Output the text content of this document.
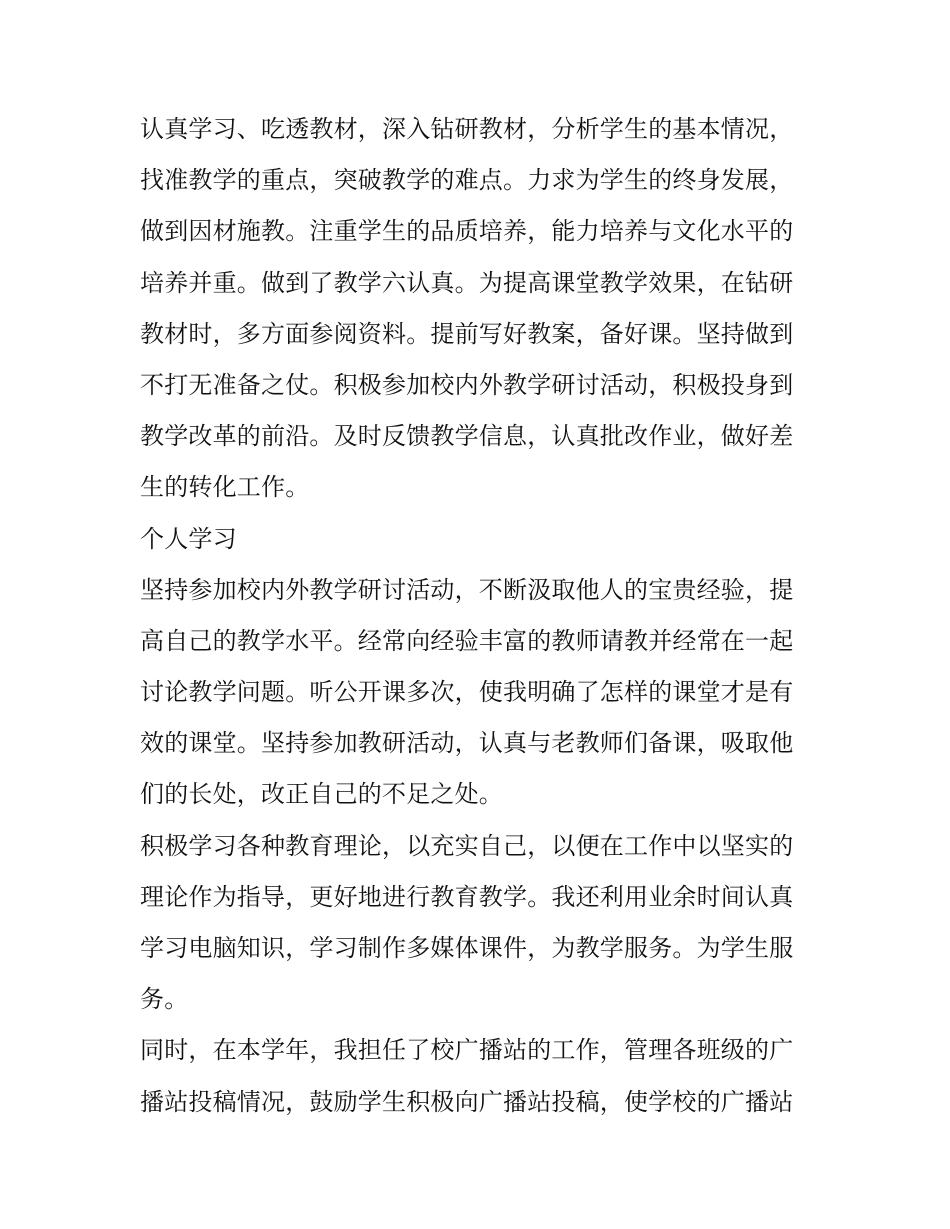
认真学习、吃透教材，深入钻研教材，分析学生的基本情况，
找准教学的重点，突破教学的难点。力求为学生的终身发展，
做到因材施教。注重学生的品质培养，能力培养与文化水平的
培养并重。做到了教学六认真。为提高课堂教学效果，在钻研
教材时，多方面参阅资料。提前写好教案，备好课。坚持做到
不打无准备之仗。积极参加校内外教学研讨活动，积极投身到
教学改革的前沿。及时反馈教学信息，认真批改作业，做好差
生的转化工作。
个人学习
坚持参加校内外教学研讨活动，不断汲取他人的宝贵经验，提
高自己的教学水平。经常向经验丰富的教师请教并经常在一起
讨论教学问题。听公开课多次，使我明确了怎样的课堂才是有
效的课堂。坚持参加教研活动，认真与老教师们备课，吸取他
们的长处，改正自己的不足之处。
积极学习各种教育理论，以充实自己，以便在工作中以坚实的
理论作为指导，更好地进行教育教学。我还利用业余时间认真
学习电脑知识，学习制作多媒体课件，为教学服务。为学生服
务。
同时，在本学年，我担任了校广播站的工作，管理各班级的广
播站投稿情况，鼓励学生积极向广播站投稿，使学校的广播站
